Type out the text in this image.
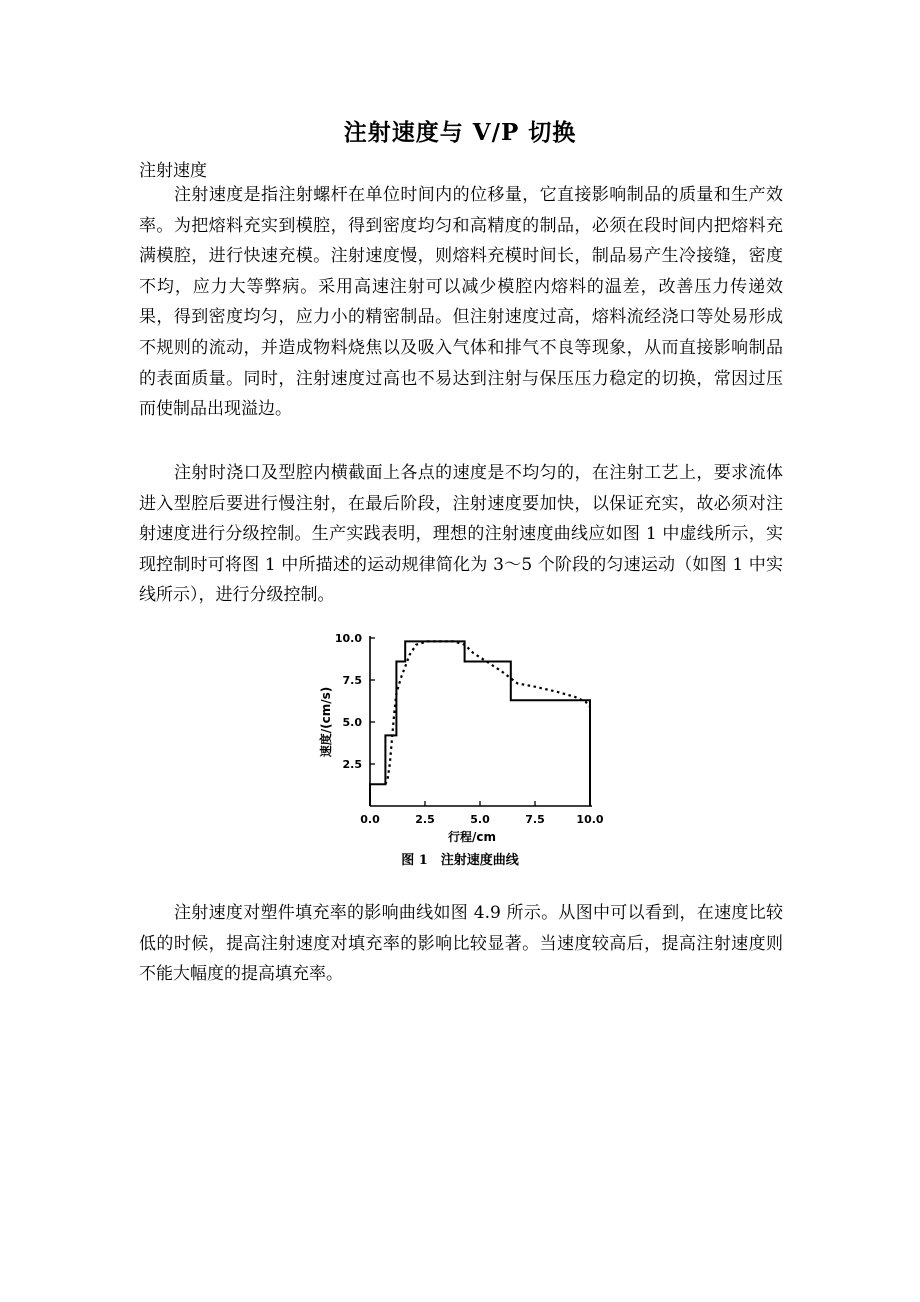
注射速度与 V/P 切换
注射速度

注射速度是指注射螺杆在单位时间内的位移量，它直接影响制品的质量和生产效率。为把熔料充实到模腔，得到密度均匀和高精度的制品，必须在段时间内把熔料充满模腔，进行快速充模。注射速度慢，则熔料充模时间长，制品易产生冷接缝，密度不均，应力大等弊病。采用高速注射可以减少模腔内熔料的温差，改善压力传递效果，得到密度均匀，应力小的精密制品。但注射速度过高，熔料流经浇口等处易形成不规则的流动，并造成物料烧焦以及吸入气体和排气不良等现象，从而直接影响制品的表面质量。同时，注射速度过高也不易达到注射与保压压力稳定的切换，常因过压而使制品出现溢边。

注射时浇口及型腔内横截面上各点的速度是不均匀的，在注射工艺上，要求流体进入型腔后要进行慢注射，在最后阶段，注射速度要加快，以保证充实，故必须对注射速度进行分级控制。生产实践表明，理想的注射速度曲线应如图 1 中虚线所示，实现控制时可将图 1 中所描述的运动规律简化为 3～5 个阶段的匀速运动（如图 1 中实线所示），进行分级控制。

2.5
5.0
7.5
10.0
0.0	2.5	5.0	7.5	10.0
行程/cm
速度/(cm/s)
图 1　注射速度曲线

注射速度对塑件填充率的影响曲线如图 4.9 所示。从图中可以看到，在速度比较低的时候，提高注射速度对填充率的影响比较显著。当速度较高后，提高注射速度则不能大幅度的提高填充率。
